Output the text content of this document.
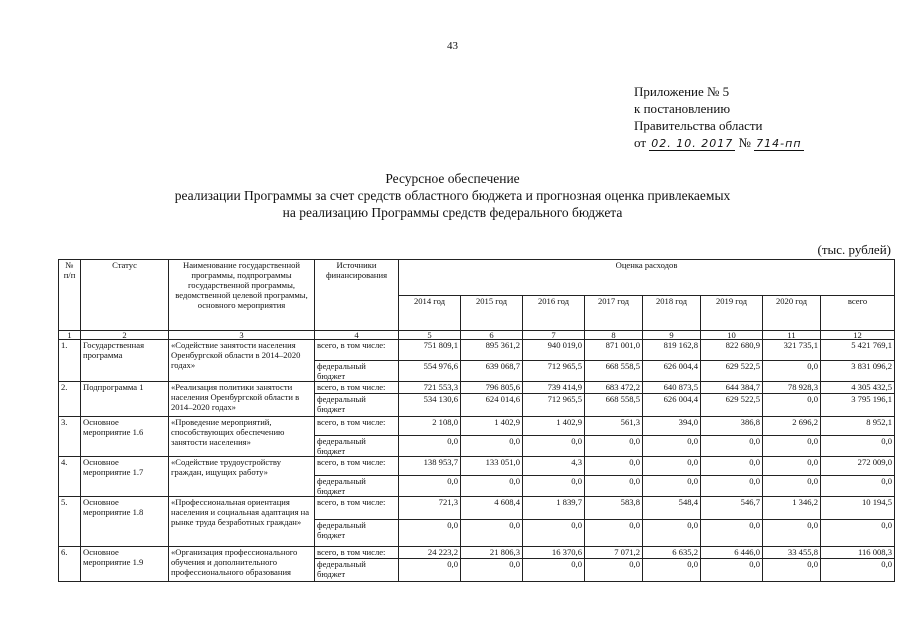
43
Приложение № 5
к постановлению
Правительства области
от 02. 10. 2017 № 714-пп
Ресурсное обеспечение
реализации Программы за счет средств областного бюджета и прогнозная оценка привлекаемых
на реализацию Программы средств федерального бюджета
(тыс. рублей)
№ п/п	Статус	Наименование государственной программы, подпрограммы государственной программы, ведомственной целевой программы, основного мероприятия	Источники финансирования	Оценка расходов							
				2014 год	2015 год	2016 год	2017 год	2018 год	2019 год	2020 год	всего
1	2	3	4	5	6	7	8	9	10	11	12
1.	Государственная программа	«Содействие занятости населения Оренбургской области в 2014–2020 годах»	всего, в том числе:	751 809,1	895 361,2	940 019,0	871 001,0	819 162,8	822 680,9	321 735,1	5 421 769,1
			федеральный бюджет	554 976,6	639 068,7	712 965,5	668 558,5	626 004,4	629 522,5	0,0	3 831 096,2
2.	Подпрограмма 1	«Реализация политики занятости населения Оренбургской области в 2014–2020 годах»	всего, в том числе:	721 553,3	796 805,6	739 414,9	683 472,2	640 873,5	644 384,7	78 928,3	4 305 432,5
			федеральный бюджет	534 130,6	624 014,6	712 965,5	668 558,5	626 004,4	629 522,5	0,0	3 795 196,1
3.	Основное мероприятие 1.6	«Проведение мероприятий, способствующих обеспечению занятости населения»	всего, в том числе:	2 108,0	1 402,9	1 402,9	561,3	394,0	386,8	2 696,2	8 952,1
			федеральный бюджет	0,0	0,0	0,0	0,0	0,0	0,0	0,0	0,0
4.	Основное мероприятие 1.7	«Содействие трудоустройству граждан, ищущих работу»	всего, в том числе:	138 953,7	133 051,0	4,3	0,0	0,0	0,0	0,0	272 009,0
			федеральный бюджет	0,0	0,0	0,0	0,0	0,0	0,0	0,0	0,0
5.	Основное мероприятие 1.8	«Профессиональная ориентация населения и социальная адаптация на рынке труда безработных граждан»	всего, в том числе:	721,3	4 608,4	1 839,7	583,8	548,4	546,7	1 346,2	10 194,5
			федеральный бюджет	0,0	0,0	0,0	0,0	0,0	0,0	0,0	0,0
6.	Основное мероприятие 1.9	«Организация профессионального обучения и дополнительного профессионального образования	всего, в том числе:	24 223,2	21 806,3	16 370,6	7 071,2	6 635,2	6 446,0	33 455,8	116 008,3
			федеральный бюджет	0,0	0,0	0,0	0,0	0,0	0,0	0,0	0,0
